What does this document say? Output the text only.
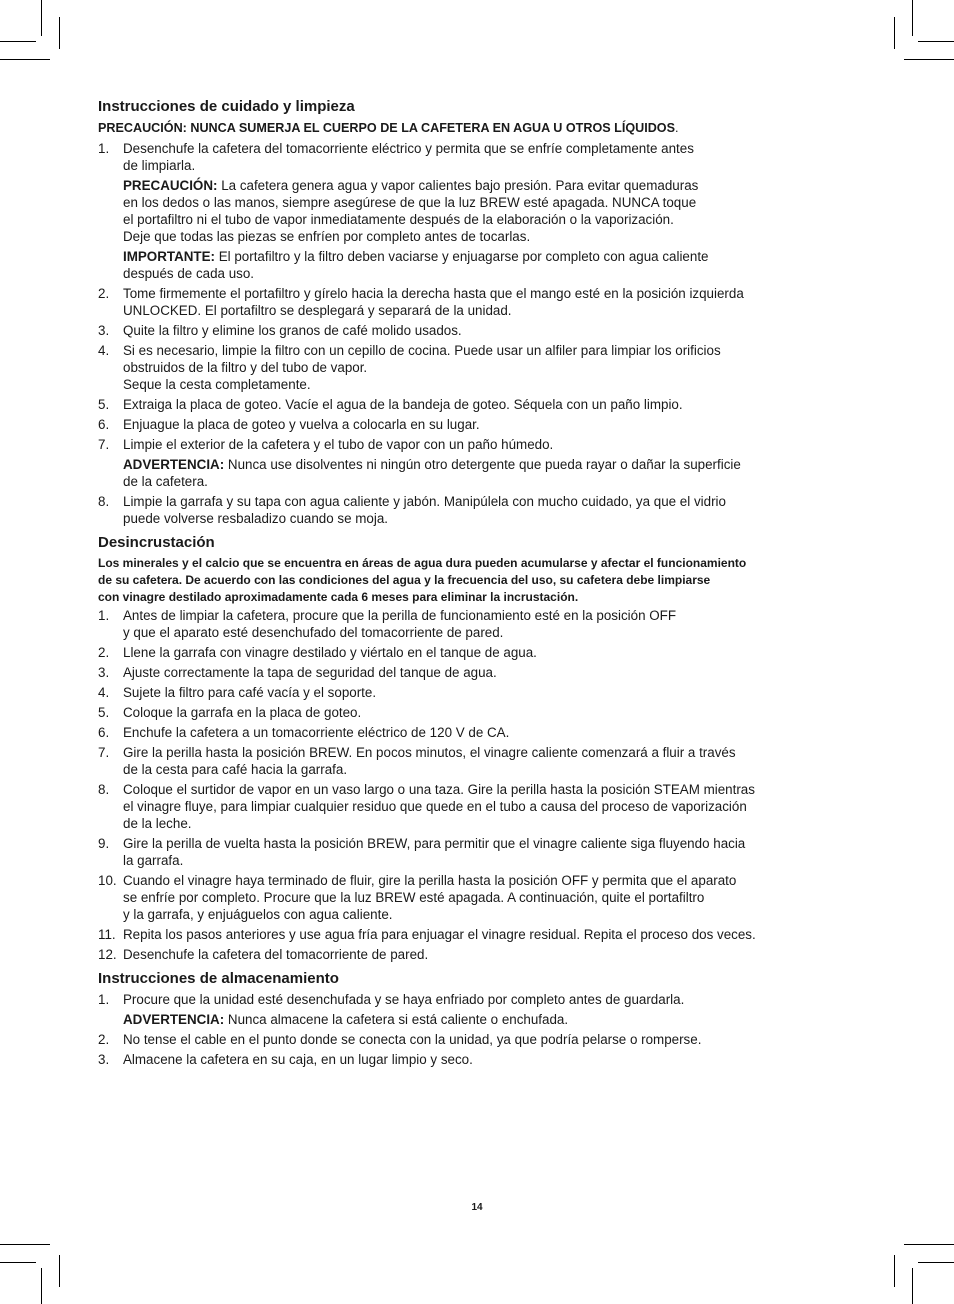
Instrucciones de cuidado y limpieza

PRECAUCIÓN: NUNCA SUMERJA EL CUERPO DE LA CAFETERA EN AGUA U OTROS LÍQUIDOS.

1. Desenchufe la cafetera del tomacorriente eléctrico y permita que se enfríe completamente antes
de limpiarla.
PRECAUCIÓN: La cafetera genera agua y vapor calientes bajo presión. Para evitar quemaduras
en los dedos o las manos, siempre asegúrese de que la luz BREW esté apagada. NUNCA toque
el portafiltro ni el tubo de vapor inmediatamente después de la elaboración o la vaporización.
Deje que todas las piezas se enfríen por completo antes de tocarlas.
IMPORTANTE: El portafiltro y la filtro deben vaciarse y enjuagarse por completo con agua caliente
después de cada uso.
2. Tome firmemente el portafiltro y gírelo hacia la derecha hasta que el mango esté en la posición izquierda
UNLOCKED. El portafiltro se desplegará y separará de la unidad.
3. Quite la filtro y elimine los granos de café molido usados.
4. Si es necesario, limpie la filtro con un cepillo de cocina. Puede usar un alfiler para limpiar los orificios
obstruidos de la filtro y del tubo de vapor.
Seque la cesta completamente.
5. Extraiga la placa de goteo. Vacíe el agua de la bandeja de goteo. Séquela con un paño limpio.
6. Enjuague la placa de goteo y vuelva a colocarla en su lugar.
7. Limpie el exterior de la cafetera y el tubo de vapor con un paño húmedo.
ADVERTENCIA: Nunca use disolventes ni ningún otro detergente que pueda rayar o dañar la superficie
de la cafetera.
8. Limpie la garrafa y su tapa con agua caliente y jabón. Manipúlela con mucho cuidado, ya que el vidrio
puede volverse resbaladizo cuando se moja.
Desincrustación

Los minerales y el calcio que se encuentra en áreas de agua dura pueden acumularse y afectar el funcionamiento
de su cafetera. De acuerdo con las condiciones del agua y la frecuencia del uso, su cafetera debe limpiarse
con vinagre destilado aproximadamente cada 6 meses para eliminar la incrustación.

1. Antes de limpiar la cafetera, procure que la perilla de funcionamiento esté en la posición OFF
y que el aparato esté desenchufado del tomacorriente de pared.
2. Llene la garrafa con vinagre destilado y viértalo en el tanque de agua.
3. Ajuste correctamente la tapa de seguridad del tanque de agua.
4. Sujete la filtro para café vacía y el soporte.
5. Coloque la garrafa en la placa de goteo.
6. Enchufe la cafetera a un tomacorriente eléctrico de 120 V de CA.
7. Gire la perilla hasta la posición BREW. En pocos minutos, el vinagre caliente comenzará a fluir a través
de la cesta para café hacia la garrafa.
8. Coloque el surtidor de vapor en un vaso largo o una taza. Gire la perilla hasta la posición STEAM mientras
el vinagre fluye, para limpiar cualquier residuo que quede en el tubo a causa del proceso de vaporización
de la leche.
9. Gire la perilla de vuelta hasta la posición BREW, para permitir que el vinagre caliente siga fluyendo hacia
la garrafa.
10. Cuando el vinagre haya terminado de fluir, gire la perilla hasta la posición OFF y permita que el aparato
se enfríe por completo. Procure que la luz BREW esté apagada. A continuación, quite el portafiltro
y la garrafa, y enjuáguelos con agua caliente.
11. Repita los pasos anteriores y use agua fría para enjuagar el vinagre residual. Repita el proceso dos veces.
12. Desenchufe la cafetera del tomacorriente de pared.
Instrucciones de almacenamiento
1. Procure que la unidad esté desenchufada y se haya enfriado por completo antes de guardarla.
ADVERTENCIA: Nunca almacene la cafetera si está caliente o enchufada.
2. No tense el cable en el punto donde se conecta con la unidad, ya que podría pelarse o romperse.
3. Almacene la cafetera en su caja, en un lugar limpio y seco.
14
